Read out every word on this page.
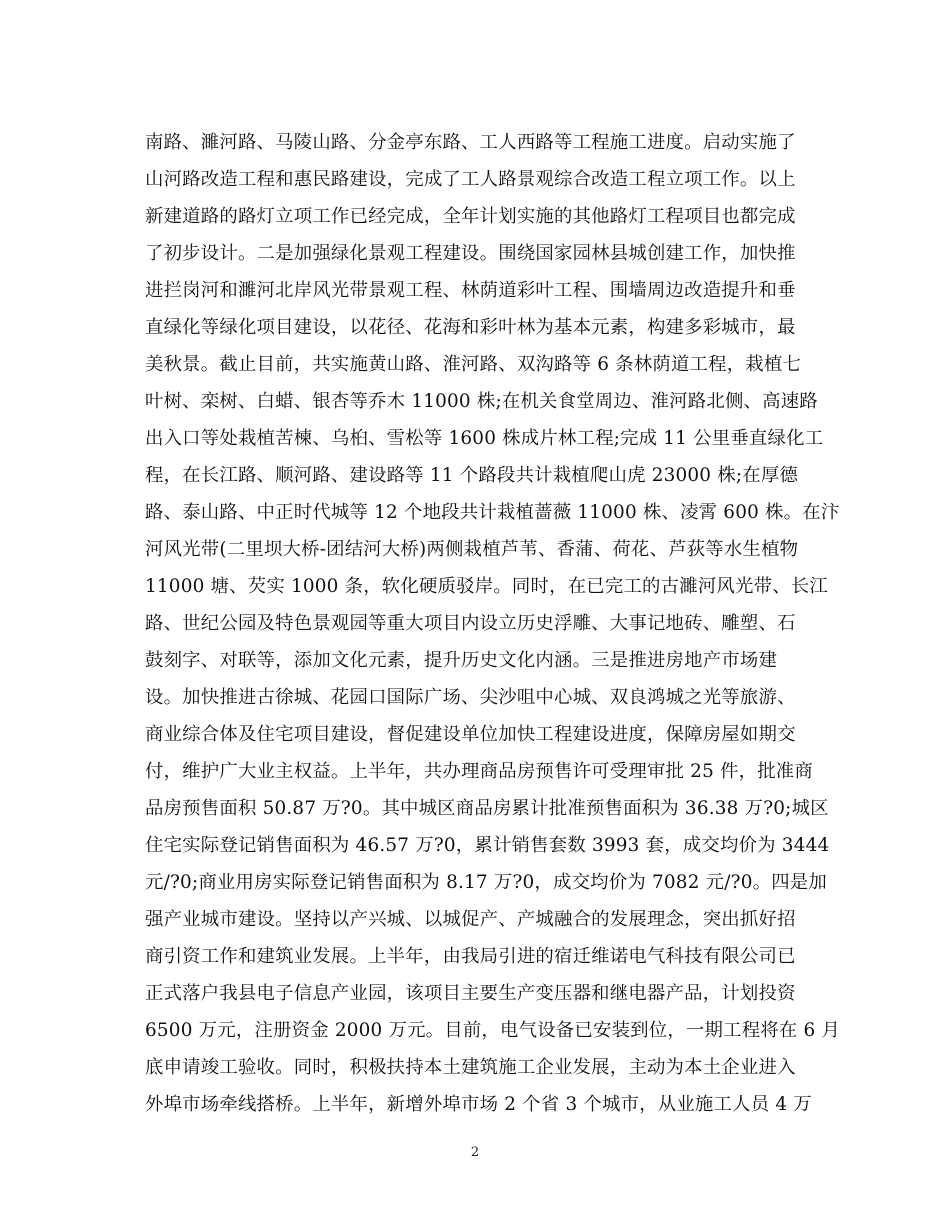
南路、濉河路、马陵山路、分金亭东路、工人西路等工程施工进度。启动实施了
山河路改造工程和惠民路建设，完成了工人路景观综合改造工程立项工作。以上
新建道路的路灯立项工作已经完成，全年计划实施的其他路灯工程项目也都完成
了初步设计。二是加强绿化景观工程建设。围绕国家园林县城创建工作，加快推
进拦岗河和濉河北岸风光带景观工程、林荫道彩叶工程、围墙周边改造提升和垂
直绿化等绿化项目建设，以花径、花海和彩叶林为基本元素，构建多彩城市，最
美秋景。截止目前，共实施黄山路、淮河路、双沟路等 6 条林荫道工程，栽植七
叶树、栾树、白蜡、银杏等乔木 11000 株;在机关食堂周边、淮河路北侧、高速路
出入口等处栽植苦楝、乌桕、雪松等 1600 株成片林工程;完成 11 公里垂直绿化工
程，在长江路、顺河路、建设路等 11 个路段共计栽植爬山虎 23000 株;在厚德
路、泰山路、中正时代城等 12 个地段共计栽植蔷薇 11000 株、凌霄 600 株。在汴
河风光带(二里坝大桥-团结河大桥)两侧栽植芦苇、香蒲、荷花、芦荻等水生植物
11000 塘、芡实 1000 条，软化硬质驳岸。同时，在已完工的古濉河风光带、长江
路、世纪公园及特色景观园等重大项目内设立历史浮雕、大事记地砖、雕塑、石
鼓刻字、对联等，添加文化元素，提升历史文化内涵。三是推进房地产市场建
设。加快推进古徐城、花园口国际广场、尖沙咀中心城、双良鸿城之光等旅游、
商业综合体及住宅项目建设，督促建设单位加快工程建设进度，保障房屋如期交
付，维护广大业主权益。上半年，共办理商品房预售许可受理审批 25 件，批准商
品房预售面积 50.87 万?0。其中城区商品房累计批准预售面积为 36.38 万?0;城区
住宅实际登记销售面积为 46.57 万?0，累计销售套数 3993 套，成交均价为 3444
元/?0;商业用房实际登记销售面积为 8.17 万?0，成交均价为 7082 元/?0。四是加
强产业城市建设。坚持以产兴城、以城促产、产城融合的发展理念，突出抓好招
商引资工作和建筑业发展。上半年，由我局引进的宿迁维诺电气科技有限公司已
正式落户我县电子信息产业园，该项目主要生产变压器和继电器产品，计划投资
6500 万元，注册资金 2000 万元。目前，电气设备已安装到位，一期工程将在 6 月
底申请竣工验收。同时，积极扶持本土建筑施工企业发展，主动为本土企业进入
外埠市场牵线搭桥。上半年，新增外埠市场 2 个省 3 个城市，从业施工人员 4 万
2
